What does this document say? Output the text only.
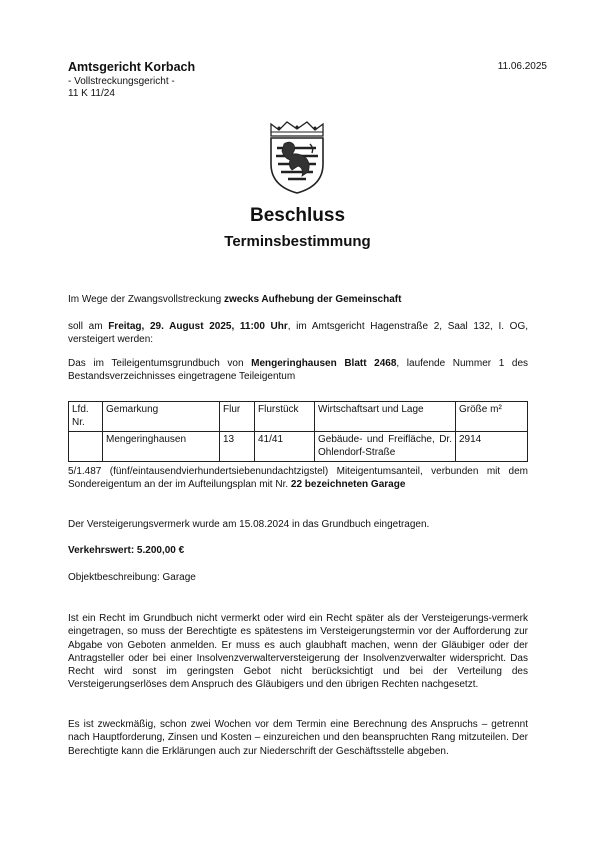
Amtsgericht Korbach
- Vollstreckungsgericht -
11 K 11/24
11.06.2025
Beschluss
Terminsbestimmung
Im Wege der Zwangsvollstreckung zwecks Aufhebung der Gemeinschaft
soll am Freitag, 29. August 2025, 11:00 Uhr, im Amtsgericht Hagenstraße 2, Saal 132, I. OG, versteigert werden:
Das im Teileigentumsgrundbuch von Mengeringhausen Blatt 2468, laufende Nummer 1 des Bestandsverzeichnisses eingetragene Teileigentum
Lfd. Nr.	Gemarkung	Flur	Flurstück	Wirtschaftsart und Lage	Größe m²
	Mengeringhausen	13	41/41	Gebäude- und Freifläche, Dr. Ohlendorf-Straße	2914
5/1.487 (fünf/eintausendvierhundertsiebenundachtzigstel) Miteigentumsanteil, verbunden mit dem Sondereigentum an der im Aufteilungsplan mit Nr. 22 bezeichneten Garage
Der Versteigerungsvermerk wurde am 15.08.2024 in das Grundbuch eingetragen.
Verkehrswert: 5.200,00 €
Objektbeschreibung: Garage
Ist ein Recht im Grundbuch nicht vermerkt oder wird ein Recht später als der Versteigerungs-vermerk eingetragen, so muss der Berechtigte es spätestens im Versteigerungstermin vor der Aufforderung zur Abgabe von Geboten anmelden. Er muss es auch glaubhaft machen, wenn der Gläubiger oder der Antragsteller oder bei einer Insolvenzverwalterversteigerung der Insolvenzverwalter widerspricht. Das Recht wird sonst im geringsten Gebot nicht berücksichtigt und bei der Verteilung des Versteigerungserlöses dem Anspruch des Gläubigers und den übrigen Rechten nachgesetzt.
Es ist zweckmäßig, schon zwei Wochen vor dem Termin eine Berechnung des Anspruchs – getrennt nach Hauptforderung, Zinsen und Kosten – einzureichen und den beanspruchten Rang mitzuteilen. Der Berechtigte kann die Erklärungen auch zur Niederschrift der Geschäftsstelle abgeben.
